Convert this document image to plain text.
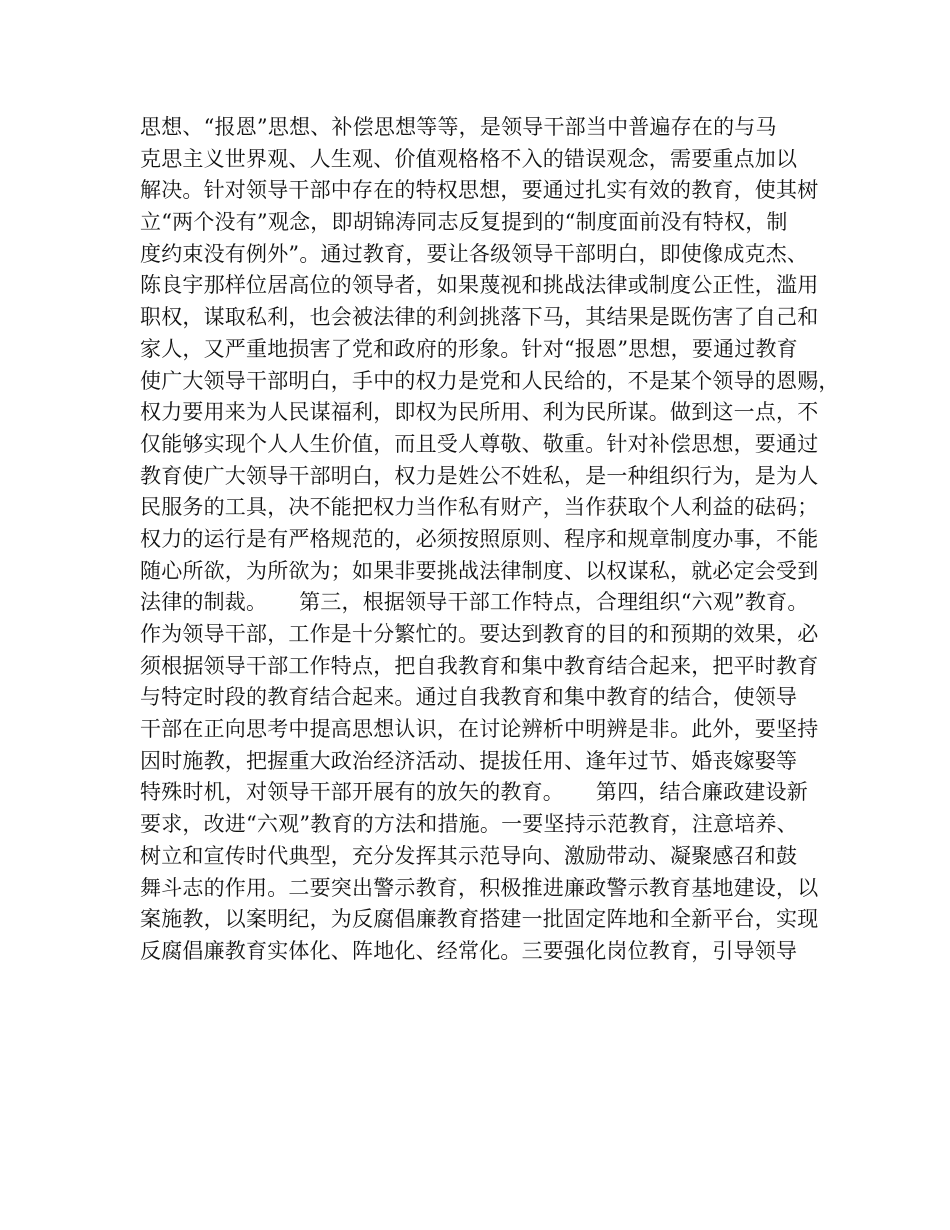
思想、“报恩”思想、补偿思想等等，是领导干部当中普遍存在的与马
克思主义世界观、人生观、价值观格格不入的错误观念，需要重点加以
解决。针对领导干部中存在的特权思想，要通过扎实有效的教育，使其树
立“两个没有”观念，即胡锦涛同志反复提到的“制度面前没有特权，制
度约束没有例外”。通过教育，要让各级领导干部明白，即使像成克杰、
陈良宇那样位居高位的领导者，如果蔑视和挑战法律或制度公正性，滥用
职权，谋取私利，也会被法律的利剑挑落下马，其结果是既伤害了自己和
家人，又严重地损害了党和政府的形象。针对“报恩”思想，要通过教育
使广大领导干部明白，手中的权力是党和人民给的，不是某个领导的恩赐，
权力要用来为人民谋福利，即权为民所用、利为民所谋。做到这一点，不
仅能够实现个人人生价值，而且受人尊敬、敬重。针对补偿思想，要通过
教育使广大领导干部明白，权力是姓公不姓私，是一种组织行为，是为人
民服务的工具，决不能把权力当作私有财产，当作获取个人利益的砝码；
权力的运行是有严格规范的，必须按照原则、程序和规章制度办事，不能
随心所欲，为所欲为；如果非要挑战法律制度、以权谋私，就必定会受到
法律的制裁。　　第三，根据领导干部工作特点，合理组织“六观”教育。
作为领导干部，工作是十分繁忙的。要达到教育的目的和预期的效果，必
须根据领导干部工作特点，把自我教育和集中教育结合起来，把平时教育
与特定时段的教育结合起来。通过自我教育和集中教育的结合，使领导
干部在正向思考中提高思想认识，在讨论辨析中明辨是非。此外，要坚持
因时施教，把握重大政治经济活动、提拔任用、逢年过节、婚丧嫁娶等
特殊时机，对领导干部开展有的放矢的教育。　　第四，结合廉政建设新
要求，改进“六观”教育的方法和措施。一要坚持示范教育，注意培养、
树立和宣传时代典型，充分发挥其示范导向、激励带动、凝聚感召和鼓
舞斗志的作用。二要突出警示教育，积极推进廉政警示教育基地建设，以
案施教，以案明纪，为反腐倡廉教育搭建一批固定阵地和全新平台，实现
反腐倡廉教育实体化、阵地化、经常化。三要强化岗位教育，引导领导
